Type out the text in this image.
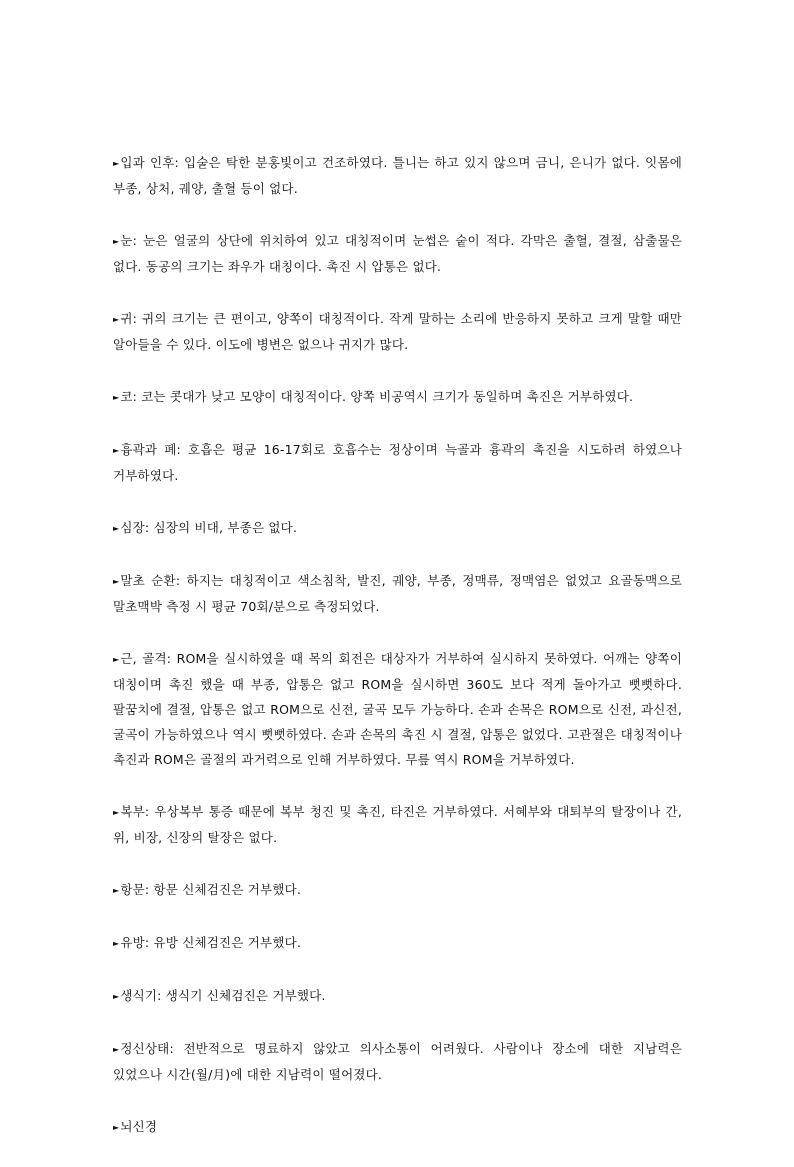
►입과 인후: 입술은 탁한 분홍빛이고 건조하였다. 틀니는 하고 있지 않으며 금니, 은니가 없다. 잇몸에 부종, 상처, 궤양, 출혈 등이 없다.

►눈: 눈은 얼굴의 상단에 위치하여 있고 대칭적이며 눈썹은 숱이 적다. 각막은 출혈, 결절, 삼출물은 없다. 동공의 크기는 좌우가 대칭이다. 촉진 시 압통은 없다.

►귀: 귀의 크기는 큰 편이고, 양쪽이 대칭적이다. 작게 말하는 소리에 반응하지 못하고 크게 말할 때만 알아들을 수 있다. 이도에 병변은 없으나 귀지가 많다.

►코: 코는 콧대가 낮고 모양이 대칭적이다. 양쪽 비공역시 크기가 동일하며 촉진은 거부하였다.

►흉곽과 폐: 호흡은 평균 16-17회로 호흡수는 정상이며 늑골과 흉곽의 촉진을 시도하려 하였으나 거부하였다.

►심장: 심장의 비대, 부종은 없다.

►말초 순환: 하지는 대칭적이고 색소침착, 발진, 궤양, 부종, 정맥류, 정맥염은 없었고 요골동맥으로 말초맥박 측정 시 평균 70회/분으로 측정되었다.

►근, 골격: ROM을 실시하였을 때 목의 회전은 대상자가 거부하여 실시하지 못하였다. 어깨는 양쪽이 대칭이며 촉진 했을 때 부종, 압통은 없고 ROM을 실시하면 360도 보다 적게 돌아가고 뻣뻣하다. 팔꿈치에 결절, 압통은 없고 ROM으로 신전, 굴곡 모두 가능하다. 손과 손목은 ROM으로 신전, 과신전, 굴곡이 가능하였으나 역시 뻣뻣하였다. 손과 손목의 촉진 시 결절, 압통은 없었다. 고관절은 대칭적이나 촉진과 ROM은 골절의 과거력으로 인해 거부하였다. 무릎 역시 ROM을 거부하였다.

►복부: 우상복부 통증 때문에 복부 청진 및 촉진, 타진은 거부하였다. 서혜부와 대퇴부의 탈장이나 간, 위, 비장, 신장의 탈장은 없다.

►항문: 항문 신체검진은 거부했다.

►유방: 유방 신체검진은 거부했다.

►생식기: 생식기 신체검진은 거부했다.

►정신상태: 전반적으로 명료하지 않았고 의사소통이 어려웠다. 사람이나 장소에 대한 지남력은 있었으나 시간(월/月)에 대한 지남력이 떨어졌다.

►뇌신경
